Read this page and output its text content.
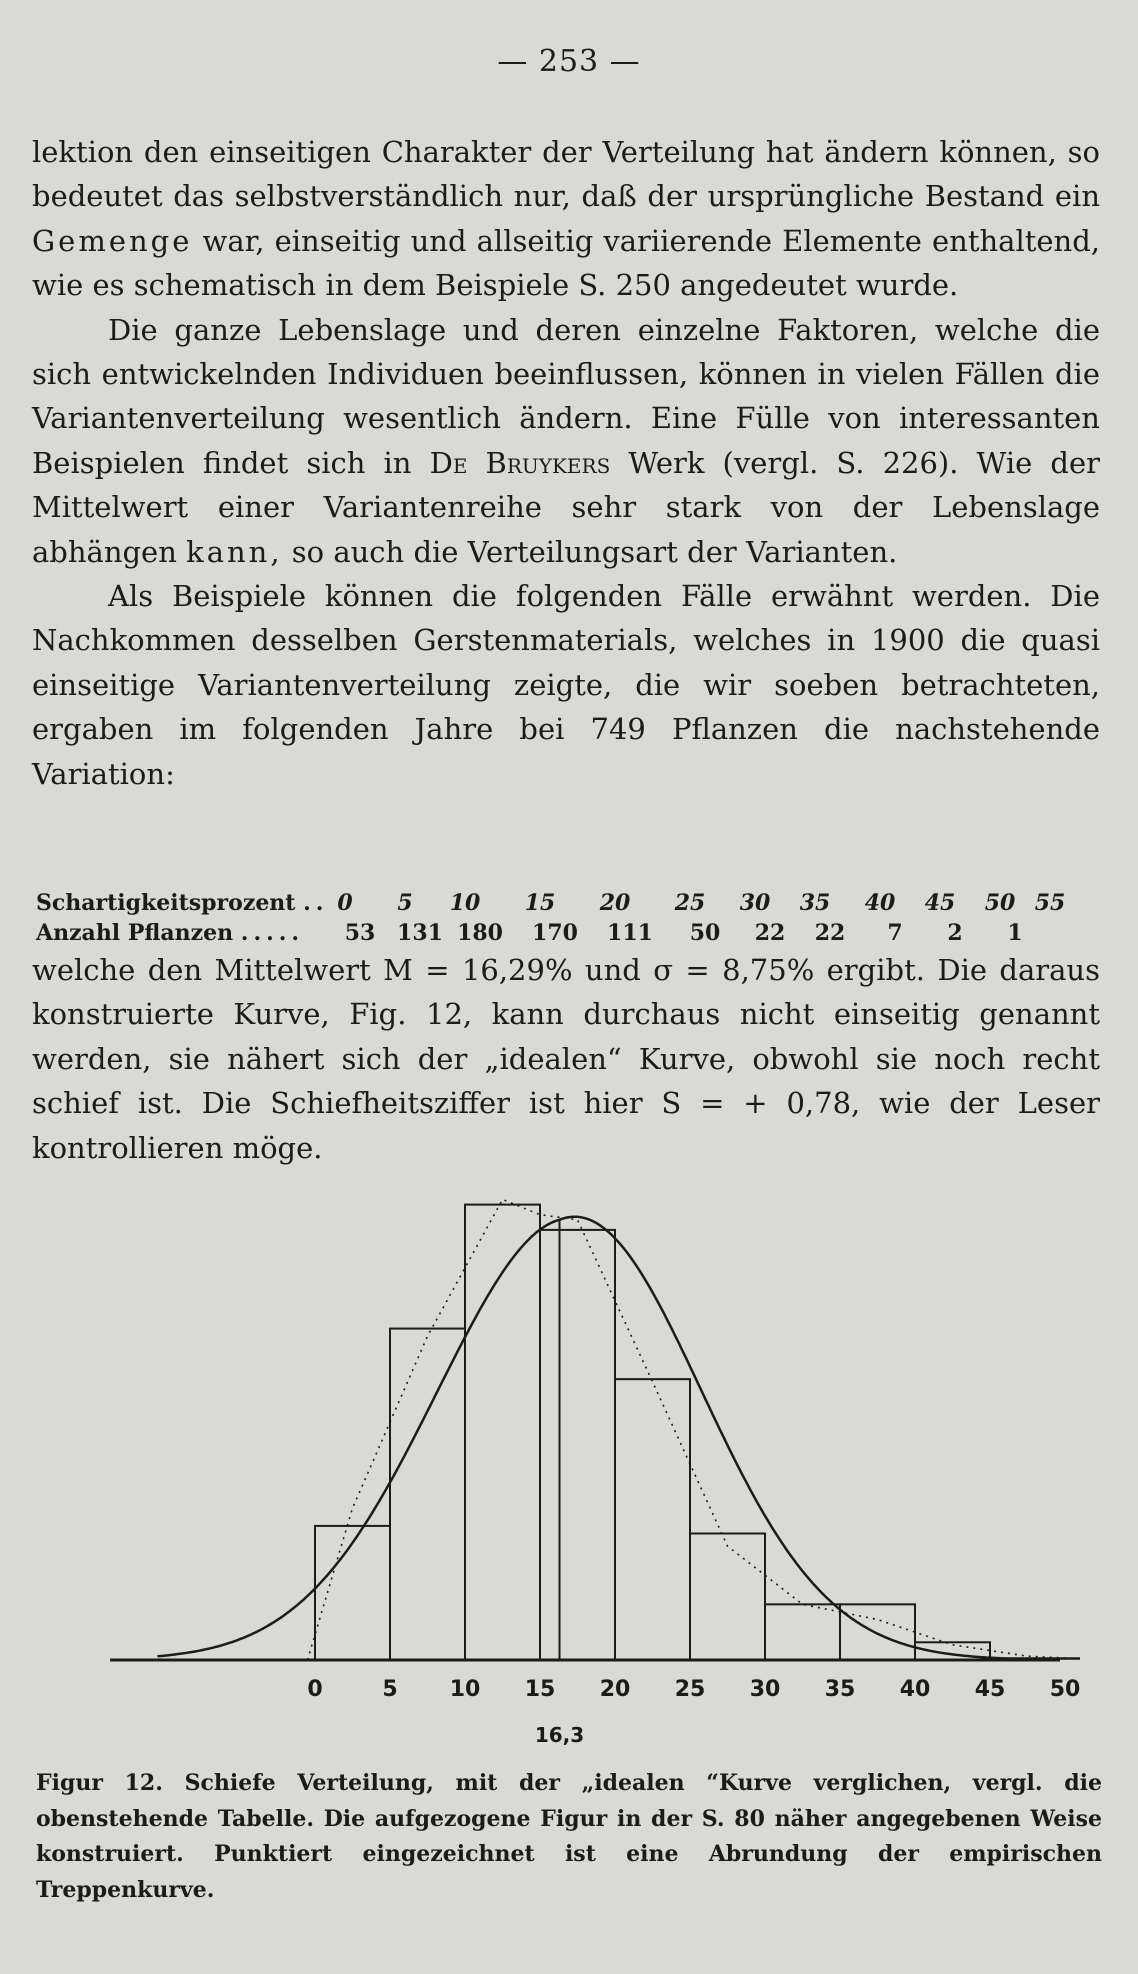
— 253 —

lektion den einseitigen Charakter der Verteilung hat ändern können, so bedeutet das selbstverständlich nur, daß der ursprüngliche Bestand ein Gemenge war, einseitig und allseitig variierende Elemente enthaltend, wie es schematisch in dem Beispiele S. 250 angedeutet wurde.

Die ganze Lebenslage und deren einzelne Faktoren, welche die sich entwickelnden Individuen beeinflussen, können in vielen Fällen die Variantenverteilung wesentlich ändern. Eine Fülle von interessanten Beispielen findet sich in De Bruykers Werk (vergl. S. 226). Wie der Mittelwert einer Variantenreihe sehr stark von der Lebenslage abhängen kann, so auch die Verteilungsart der Varianten.

Als Beispiele können die folgenden Fälle erwähnt werden. Die Nachkommen desselben Gerstenmaterials, welches in 1900 die quasi einseitige Variantenverteilung zeigte, die wir soeben betrachteten, ergaben im folgenden Jahre bei 749 Pflanzen die nachstehende Variation:

Schartigkeitsprozent .. 0	5	10	15	20	25	30	35	40	45	50 55
Anzahl Pflanzen .....	53 131 180	170	111	50	22	22	7	2	1

welche den Mittelwert M = 16,29% und σ = 8,75% ergibt. Die daraus konstruierte Kurve, Fig. 12, kann durchaus nicht einseitig genannt werden, sie nähert sich der „idealen“ Kurve, obwohl sie noch recht schief ist. Die Schiefheitsziffer ist hier S = + 0,78, wie der Leser kontrollieren möge.

0	5 10 15 20 25 30 35 40 45 50
16,3
Figur 12. Schiefe Verteilung, mit der „idealen “Kurve verglichen, vergl. die obenstehende Tabelle. Die aufgezogene Figur in der S. 80 näher angegebenen Weise konstruiert. Punktiert eingezeichnet ist eine Abrundung der empirischen Treppenkurve.
